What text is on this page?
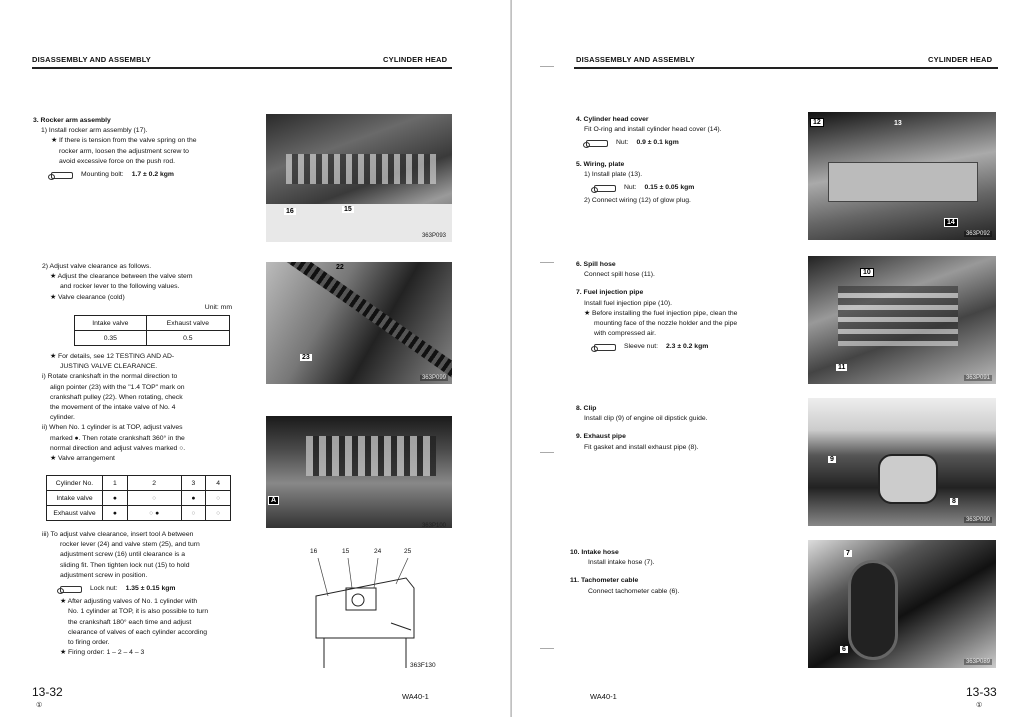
DISASSEMBLY AND ASSEMBLY	CYLINDER HEAD
3. Rocker arm assembly
1) Install rocker arm assembly (17).
★ If there is tension from the valve spring on the
rocker arm, loosen the adjustment screw to
avoid excessive force on the push rod.
Mounting bolt: 1.7 ± 0.2 kgm
16	15
363P093
2) Adjust valve clearance as follows.
★ Adjust the clearance between the valve stem
and rocker lever to the following values.
★ Valve clearance (cold)
Unit: mm
Intake valve	Exhaust valve
0.35	0.5
★ For details, see 12 TESTING AND AD-
JUSTING VALVE CLEARANCE.
i) Rotate crankshaft in the normal direction to
align pointer (23) with the "1.4 TOP" mark on
crankshaft pulley (22). When rotating, check
the movement of the intake valve of No. 4
cylinder.
ii) When No. 1 cylinder is at TOP, adjust valves
marked ●. Then rotate crankshaft 360° in the
normal direction and adjust valves marked ○.
★ Valve arrangement
22
23
363P099
Cylinder No.	1	2	3	4
Intake valve	●	○	●	○
Exhaust valve	●	○ ●	○	○
A
363P100
iii) To adjust valve clearance, insert tool A between
rocker lever (24) and valve stem (25), and turn
adjustment screw (16) until clearance is a
sliding fit. Then tighten lock nut (15) to hold
adjustment screw in position.
Lock nut: 1.35 ± 0.15 kgm
★ After adjusting valves of No. 1 cylinder with
No. 1 cylinder at TOP, it is also possible to turn
the crankshaft 180° each time and adjust
clearance of valves of each cylinder according
to firing order.
★ Firing order: 1 – 2 – 4 – 3
16	15	24	25
363F130
13-32
①
WA40-1
DISASSEMBLY AND ASSEMBLY	CYLINDER HEAD
4. Cylinder head cover
Fit O-ring and install cylinder head cover (14).
Nut: 0.9 ± 0.1 kgm
5. Wiring, plate
1) Install plate (13).
Nut: 0.15 ± 0.05 kgm
2) Connect wiring (12) of glow plug.
12	13
14
363P092
6. Spill hose
Connect spill hose (11).
7. Fuel injection pipe
Install fuel injection pipe (10).
★ Before installing the fuel injection pipe, clean the
mounting face of the nozzle holder and the pipe
with compressed air.
Sleeve nut: 2.3 ± 0.2 kgm
10
11
363P091
8. Clip
Install clip (9) of engine oil dipstick guide.
9. Exhaust pipe
Fit gasket and install exhaust pipe (8).
9
8
363P090
10. Intake hose
Install intake hose (7).
11. Tachometer cable
Connect tachometer cable (6).
7
6
363P089
WA40-1	13-33
①
